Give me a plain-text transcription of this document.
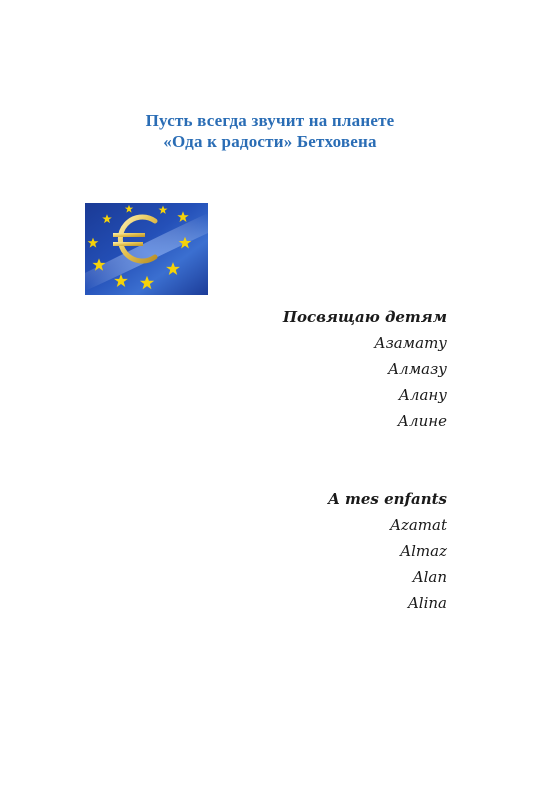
Пусть всегда звучит на планете
«Ода к радости» Бетховена
Посвящаю детям
Азамату
Алмазу
Алану
Алине
A mes enfants
Azamat
Almaz
Alan
Alina
